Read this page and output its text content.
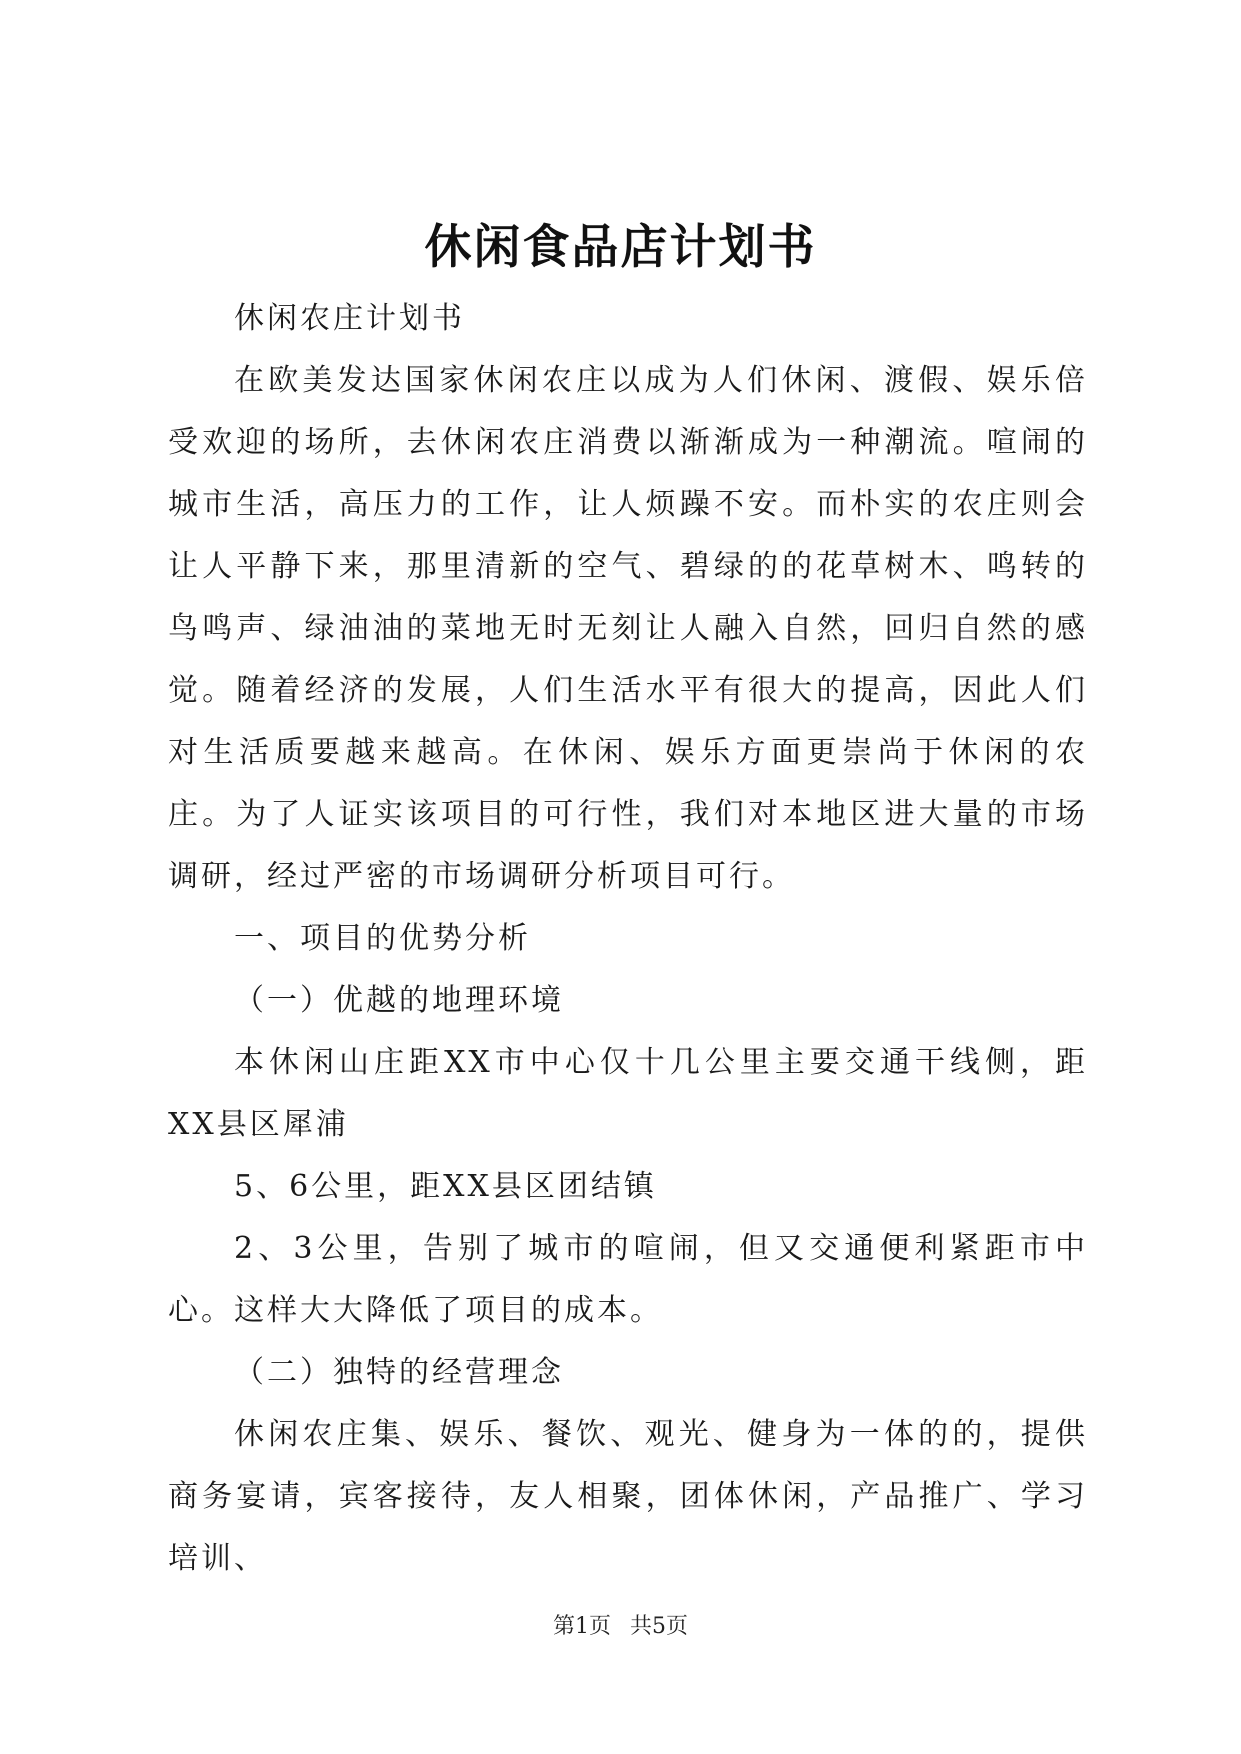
休闲食品店计划书

休闲农庄计划书

在欧美发达国家休闲农庄以成为人们休闲、渡假、娱乐倍受欢迎的场所，去休闲农庄消费以渐渐成为一种潮流。喧闹的城市生活，高压力的工作，让人烦躁不安。而朴实的农庄则会让人平静下来，那里清新的空气、碧绿的的花草树木、鸣转的鸟鸣声、绿油油的菜地无时无刻让人融入自然，回归自然的感觉。随着经济的发展，人们生活水平有很大的提高，因此人们对生活质要越来越高。在休闲、娱乐方面更崇尚于休闲的农庄。为了人证实该项目的可行性，我们对本地区进大量的市场调研，经过严密的市场调研分析项目可行。

一、项目的优势分析

（一）优越的地理环境

本休闲山庄距XX市中心仅十几公里主要交通干线侧，距XX县区犀浦

5、6公里，距XX县区团结镇

2、3公里，告别了城市的喧闹，但又交通便利紧距市中心。这样大大降低了项目的成本。

（二）独特的经营理念

休闲农庄集、娱乐、餐饮、观光、健身为一体的的，提供商务宴请，宾客接待，友人相聚，团体休闲，产品推广、学习培训、

第1页 共5页
